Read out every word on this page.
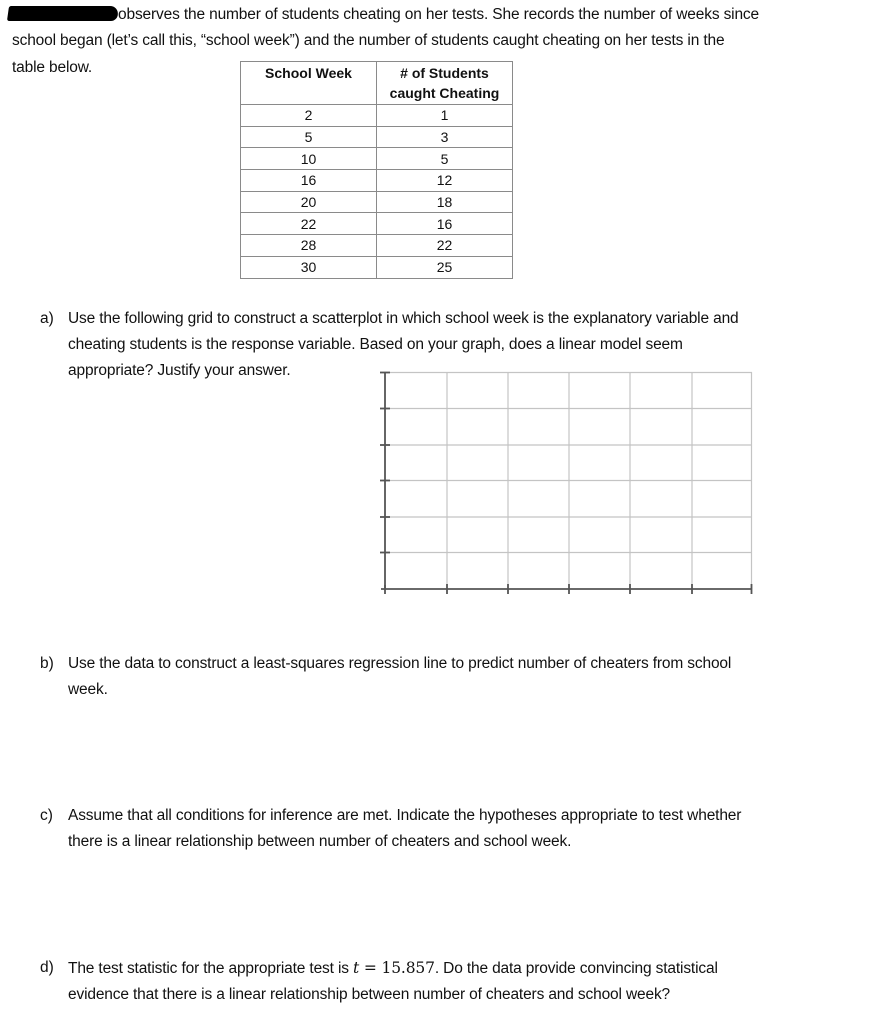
observes the number of students cheating on her tests. She records the number of weeks since
school began (let’s call this, “school week”) and the number of students caught cheating on her tests in the
table below.	School Week	# of Students
caught Cheating
2	1
5	3
10	5
16	12
20	18
22	16
28	22
30	25
a) Use the following grid to construct a scatterplot in which school week is the explanatory variable and
cheating students is the response variable. Based on your graph, does a linear model seem
appropriate? Justify your answer.
b) Use the data to construct a least-squares regression line to predict number of cheaters from school
week.
c) Assume that all conditions for inference are met. Indicate the hypotheses appropriate to test whether
there is a linear relationship between number of cheaters and school week.
d) The test statistic for the appropriate test is t = 15.857. Do the data provide convincing statistical
evidence that there is a linear relationship between number of cheaters and school week?
